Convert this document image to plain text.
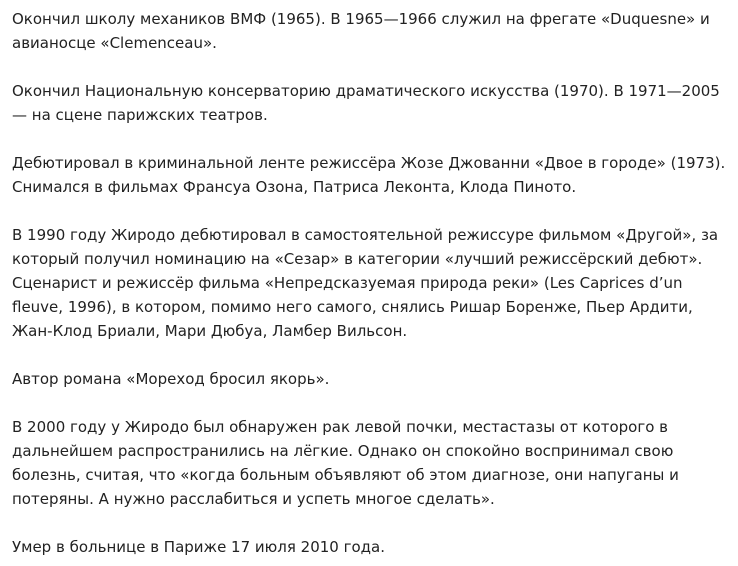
Окончил школу механиков ВМФ (1965). В 1965—1966 служил на фрегате «Duquesne» и авианосце «Clemenceau».

Окончил Национальную консерваторию драматического искусства (1970). В 1971—2005 — на сцене парижских театров.

Дебютировал в криминальной ленте режиссёра Жозе Джованни «Двое в городе» (1973). Снимался в фильмах Франсуа Озона, Патриса Леконта, Клода Пиното.

В 1990 году Жиродо дебютировал в самостоятельной режиссуре фильмом «Другой», за который получил номинацию на «Сезар» в категории «лучший режиссёрский дебют». Сценарист и режиссёр фильма «Непредсказуемая природа реки» (Les Caprices d’un fleuve, 1996), в котором, помимо него самого, снялись Ришар Боренже, Пьер Ардити, Жан-Клод Бриали, Мари Дюбуа, Ламбер Вильсон.

Автор романа «Мореход бросил якорь».

В 2000 году у Жиродо был обнаружен рак левой почки, местастазы от которого в дальнейшем распространились на лёгкие. Однако он спокойно воспринимал свою болезнь, считая, что «когда больным объявляют об этом диагнозе, они напуганы и потеряны. А нужно расслабиться и успеть многое сделать».

Умер в больнице в Париже 17 июля 2010 года.
